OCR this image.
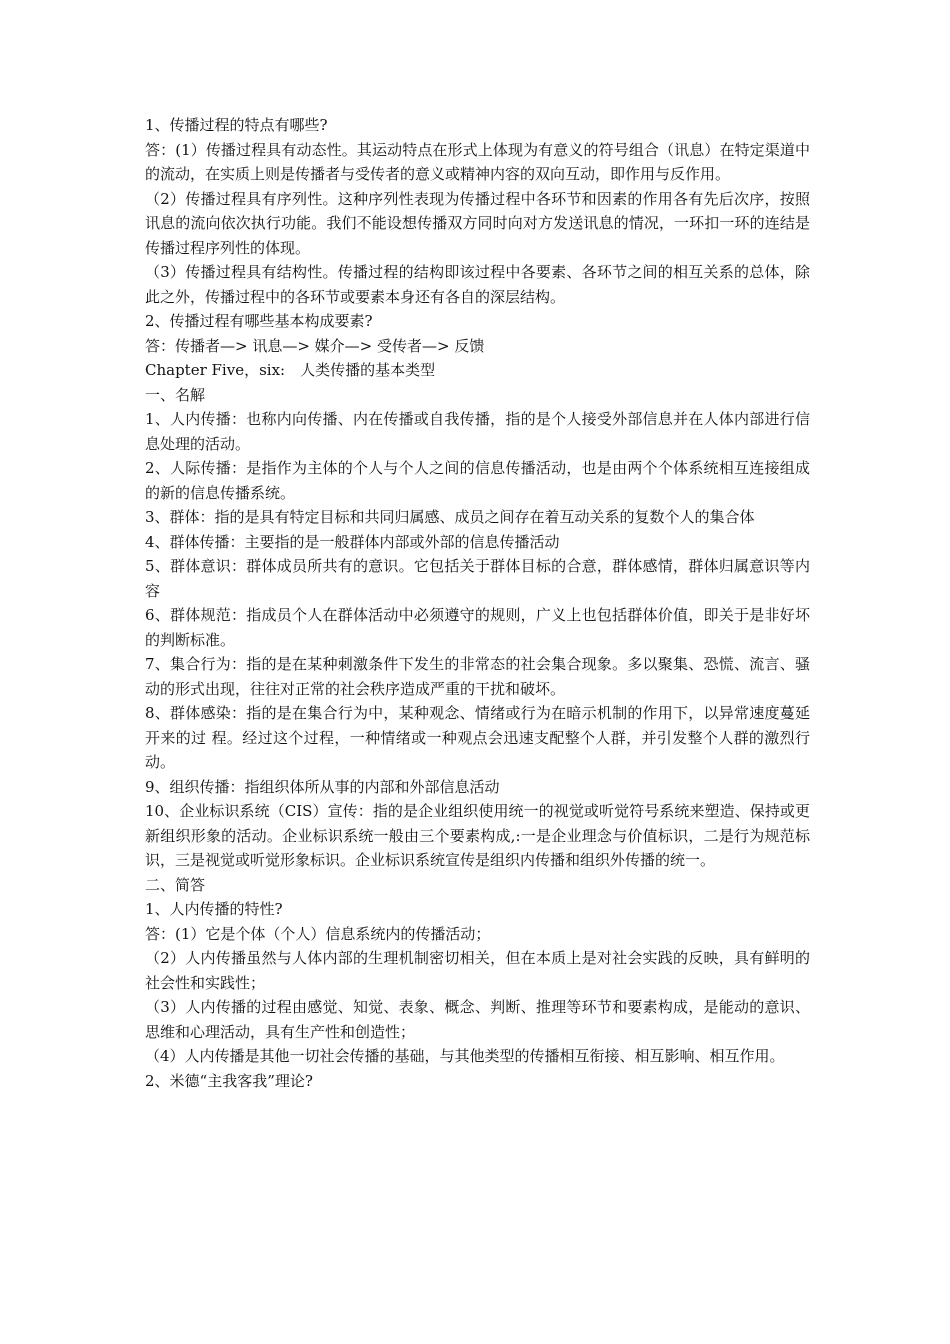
1、传播过程的特点有哪些?

答：(1）传播过程具有动态性。其运动特点在形式上体现为有意义的符号组合（讯息）在特定渠道中的流动，在实质上则是传播者与受传者的意义或精神内容的双向互动，即作用与反作用。

（2）传播过程具有序列性。这种序列性表现为传播过程中各环节和因素的作用各有先后次序，按照讯息的流向依次执行功能。我们不能设想传播双方同时向对方发送讯息的情况，一环扣一环的连结是传播过程序列性的体现。

（3）传播过程具有结构性。传播过程的结构即该过程中各要素、各环节之间的相互关系的总体，除此之外，传播过程中的各环节或要素本身还有各自的深层结构。

2、传播过程有哪些基本构成要素?

答：传播者—> 讯息—> 媒介—> 受传者—> 反馈

Chapter Five，six:　人类传播的基本类型

一、名解

1、人内传播：也称内向传播、内在传播或自我传播，指的是个人接受外部信息并在人体内部进行信息处理的活动。

2、人际传播：是指作为主体的个人与个人之间的信息传播活动，也是由两个个体系统相互连接组成的新的信息传播系统。

3、群体：指的是具有特定目标和共同归属感、成员之间存在着互动关系的复数个人的集合体

4、群体传播：主要指的是一般群体内部或外部的信息传播活动

5、群体意识：群体成员所共有的意识。它包括关于群体目标的合意，群体感情，群体归属意识等内容

6、群体规范：指成员个人在群体活动中必须遵守的规则，广义上也包括群体价值，即关于是非好坏的判断标准。

7、集合行为：指的是在某种刺激条件下发生的非常态的社会集合现象。多以聚集、恐慌、流言、骚动的形式出现，往往对正常的社会秩序造成严重的干扰和破坏。

8、群体感染：指的是在集合行为中，某种观念、情绪或行为在暗示机制的作用下，以异常速度蔓延开来的过 程。经过这个过程，一种情绪或一种观点会迅速支配整个人群，并引发整个人群的激烈行动。

9、组织传播：指组织体所从事的内部和外部信息活动

10、企业标识系统（CIS）宣传：指的是企业组织使用统一的视觉或听觉符号系统来塑造、保持或更新组织形象的活动。企业标识系统一般由三个要素构成,:一是企业理念与价值标识，二是行为规范标识，三是视觉或听觉形象标识。企业标识系统宣传是组织内传播和组织外传播的统一。

二、简答

1、人内传播的特性?

答：(1）它是个体（个人）信息系统内的传播活动；

（2）人内传播虽然与人体内部的生理机制密切相关，但在本质上是对社会实践的反映，具有鲜明的社会性和实践性；

（3）人内传播的过程由感觉、知觉、表象、概念、判断、推理等环节和要素构成，是能动的意识、思维和心理活动，具有生产性和创造性；

（4）人内传播是其他一切社会传播的基础，与其他类型的传播相互衔接、相互影响、相互作用。

2、米德“主我客我”理论?
